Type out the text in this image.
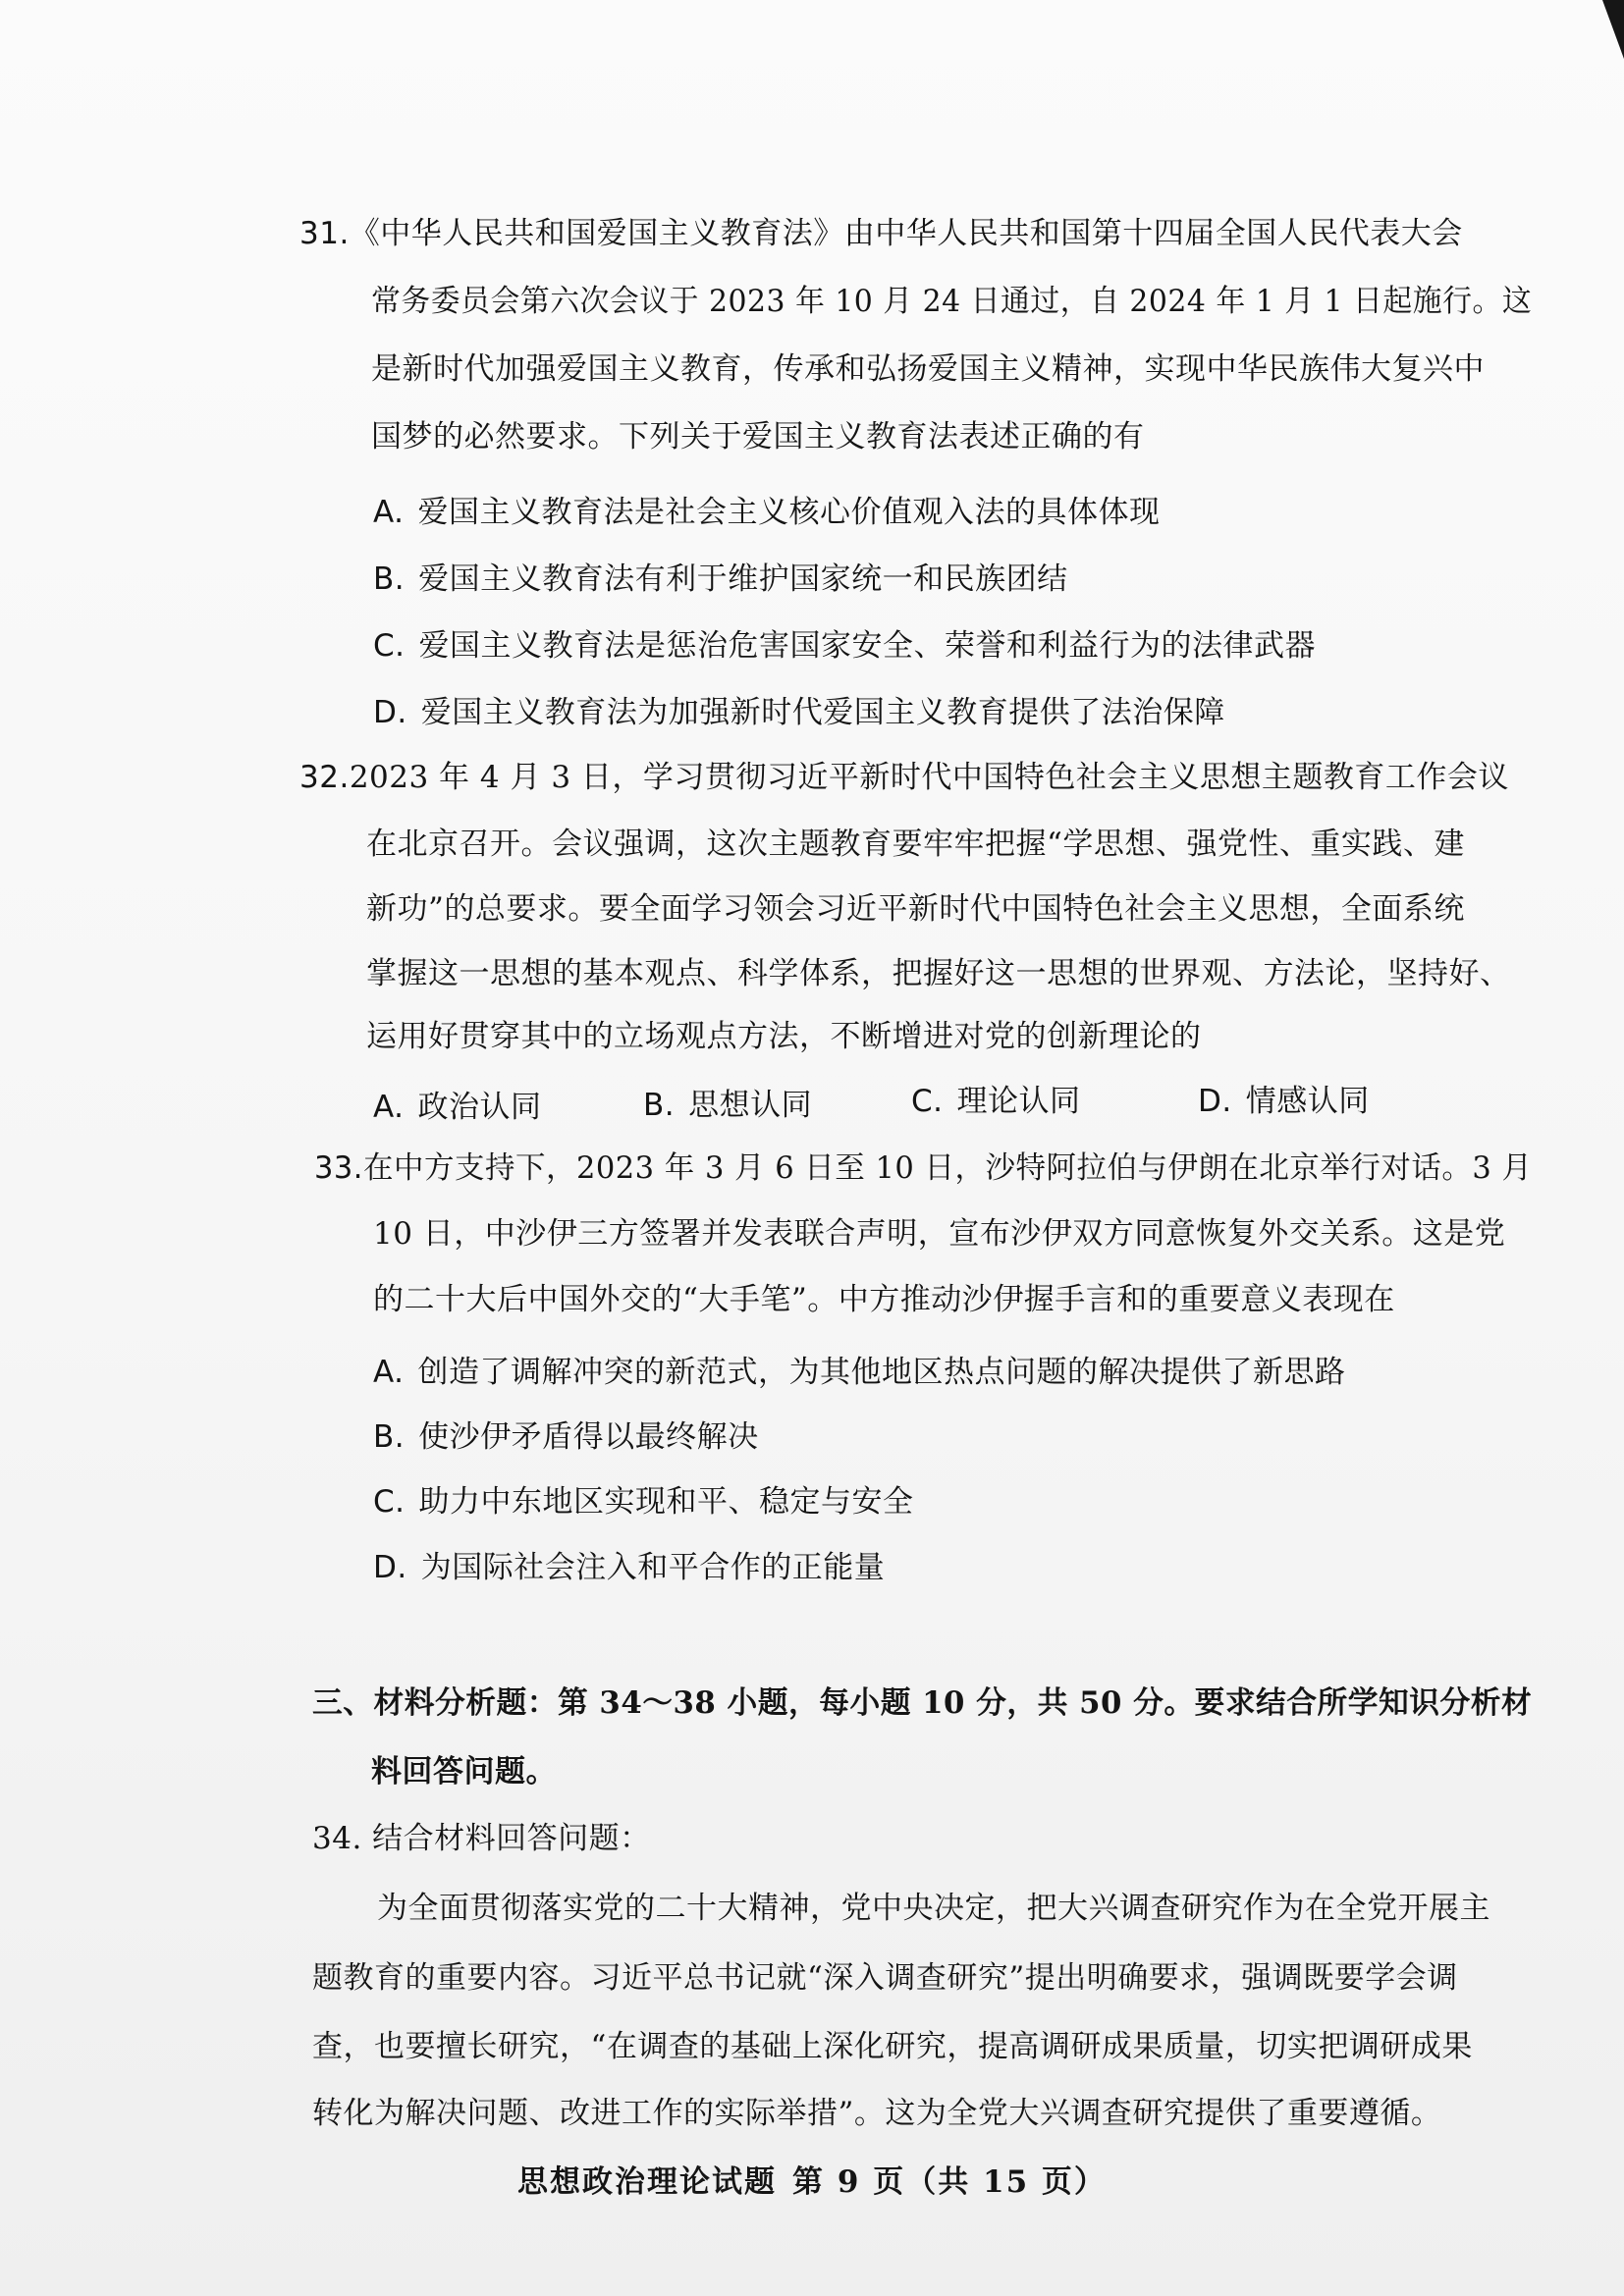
31.《中华人民共和国爱国主义教育法》由中华人民共和国第十四届全国人民代表大会
常务委员会第六次会议于 2023 年 10 月 24 日通过，自 2024 年 1 月 1 日起施行。这
是新时代加强爱国主义教育，传承和弘扬爱国主义精神，实现中华民族伟大复兴中
国梦的必然要求。下列关于爱国主义教育法表述正确的有
A. 爱国主义教育法是社会主义核心价值观入法的具体体现
B. 爱国主义教育法有利于维护国家统一和民族团结
C. 爱国主义教育法是惩治危害国家安全、荣誉和利益行为的法律武器
D. 爱国主义教育法为加强新时代爱国主义教育提供了法治保障
32.2023 年 4 月 3 日，学习贯彻习近平新时代中国特色社会主义思想主题教育工作会议
在北京召开。会议强调，这次主题教育要牢牢把握“学思想、强党性、重实践、建
新功”的总要求。要全面学习领会习近平新时代中国特色社会主义思想，全面系统
掌握这一思想的基本观点、科学体系，把握好这一思想的世界观、方法论，坚持好、
运用好贯穿其中的立场观点方法，不断增进对党的创新理论的
A. 政治认同	B. 思想认同	C. 理论认同	D. 情感认同
33.在中方支持下，2023 年 3 月 6 日至 10 日，沙特阿拉伯与伊朗在北京举行对话。3 月
10 日，中沙伊三方签署并发表联合声明，宣布沙伊双方同意恢复外交关系。这是党
的二十大后中国外交的“大手笔”。中方推动沙伊握手言和的重要意义表现在
A. 创造了调解冲突的新范式，为其他地区热点问题的解决提供了新思路
B. 使沙伊矛盾得以最终解决
C. 助力中东地区实现和平、稳定与安全
D. 为国际社会注入和平合作的正能量
三、材料分析题：第 34～38 小题，每小题 10 分，共 50 分。要求结合所学知识分析材
料回答问题。
34. 结合材料回答问题：
为全面贯彻落实党的二十大精神，党中央决定，把大兴调查研究作为在全党开展主
题教育的重要内容。习近平总书记就“深入调查研究”提出明确要求，强调既要学会调
查，也要擅长研究，“在调查的基础上深化研究，提高调研成果质量，切实把调研成果
转化为解决问题、改进工作的实际举措”。这为全党大兴调查研究提供了重要遵循。
思想政治理论试题 第 9 页（共 15 页）
